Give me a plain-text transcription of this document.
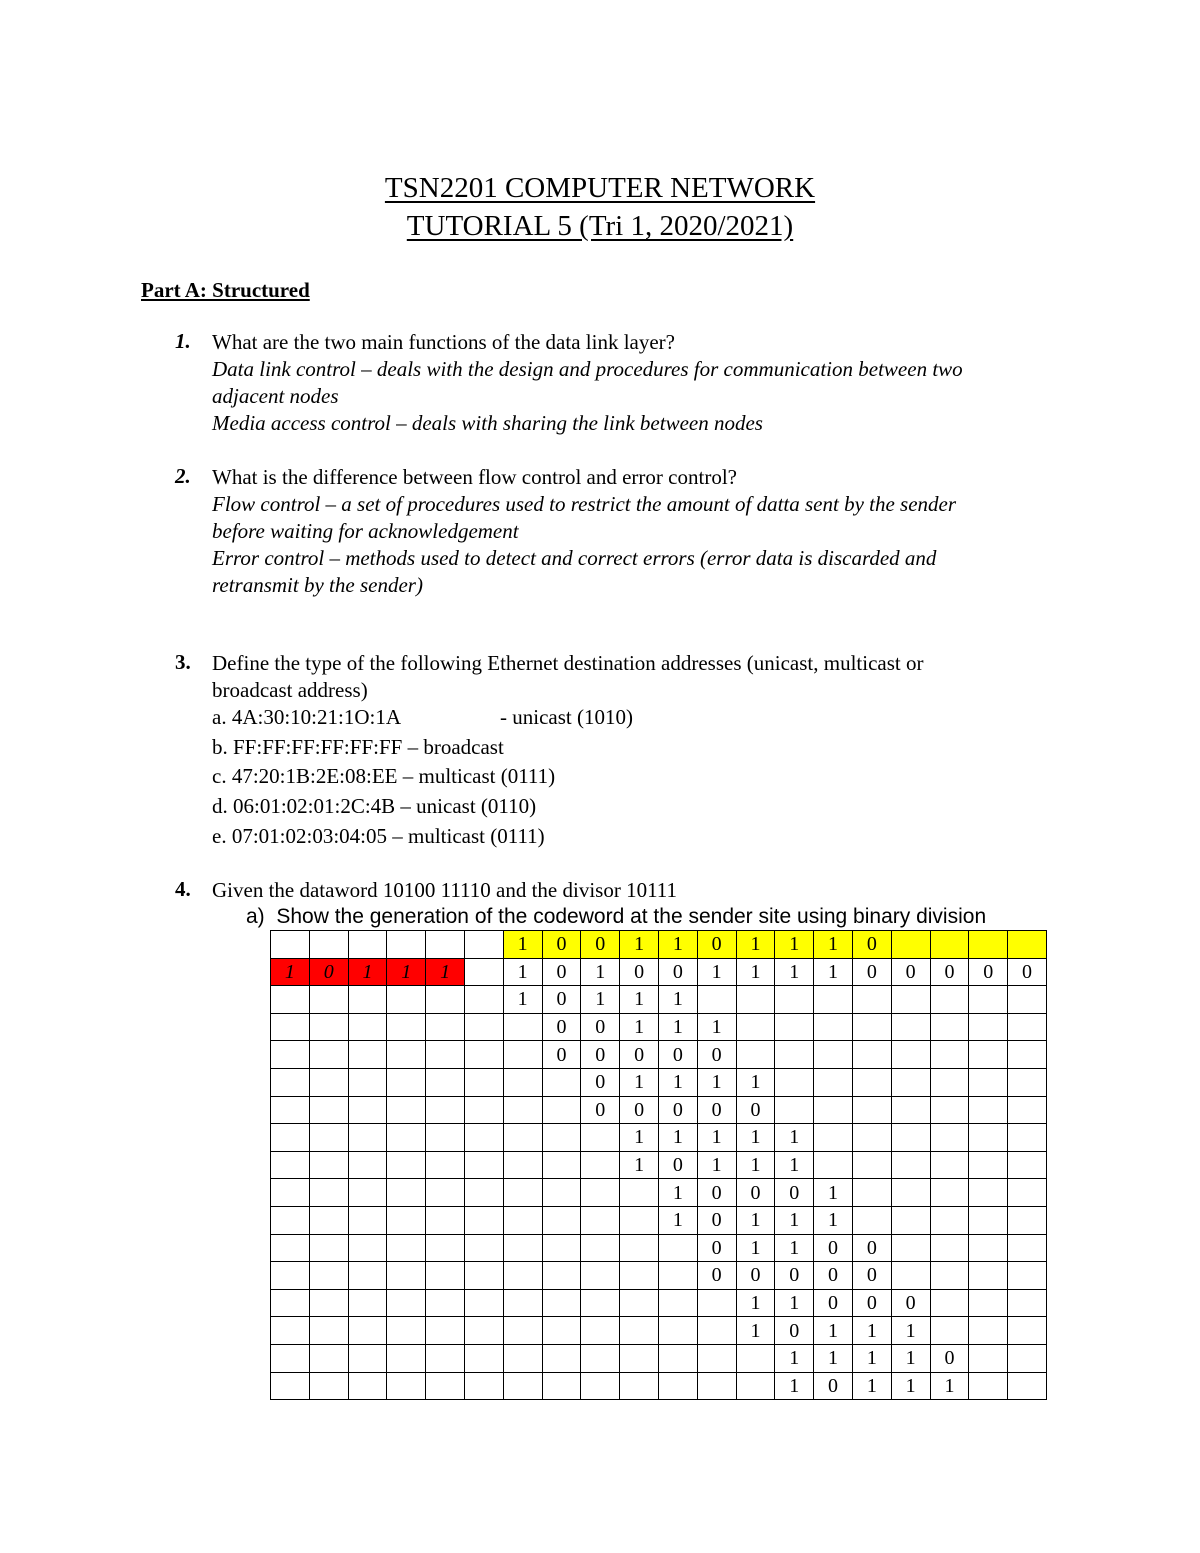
TSN2201 COMPUTER NETWORK
TUTORIAL 5 (Tri 1, 2020/2021)
Part A: Structured
1. What are the two main functions of the data link layer?
Data link control – deals with the design and procedures for communication between two
adjacent nodes
Media access control – deals with sharing the link between nodes
2. What is the difference between flow control and error control?
Flow control – a set of procedures used to restrict the amount of datta sent by the sender
before waiting for acknowledgement
Error control – methods used to detect and correct errors (error data is discarded and
retransmit by the sender)
3. Define the type of the following Ethernet destination addresses (unicast, multicast or
broadcast address)
a. 4A:30:10:21:1O:1A	- unicast (1010)
b. FF:FF:FF:FF:FF:FF – broadcast
c. 47:20:1B:2E:08:EE – multicast (0111)
d. 06:01:02:01:2C:4B – unicast (0110)
e. 07:01:02:03:04:05 – multicast (0111)
4. Given the dataword 10100 11110 and the divisor 10111
a)  Show the generation of the codeword at the sender site using binary division
						1	0	0	1	1	0	1	1	1	0				
1	0	1	1	1		1	0	1	0	0	1	1	1	1	0	0	0	0	0
						1	0	1	1	1									
							0	0	1	1	1								
							0	0	0	0	0								
								0	1	1	1	1							
								0	0	0	0	0							
									1	1	1	1	1						
									1	0	1	1	1						
										1	0	0	0	1					
										1	0	1	1	1					
											0	1	1	0	0				
											0	0	0	0	0				
												1	1	0	0	0			
												1	0	1	1	1			
													1	1	1	1	0		
													1	0	1	1	1		
